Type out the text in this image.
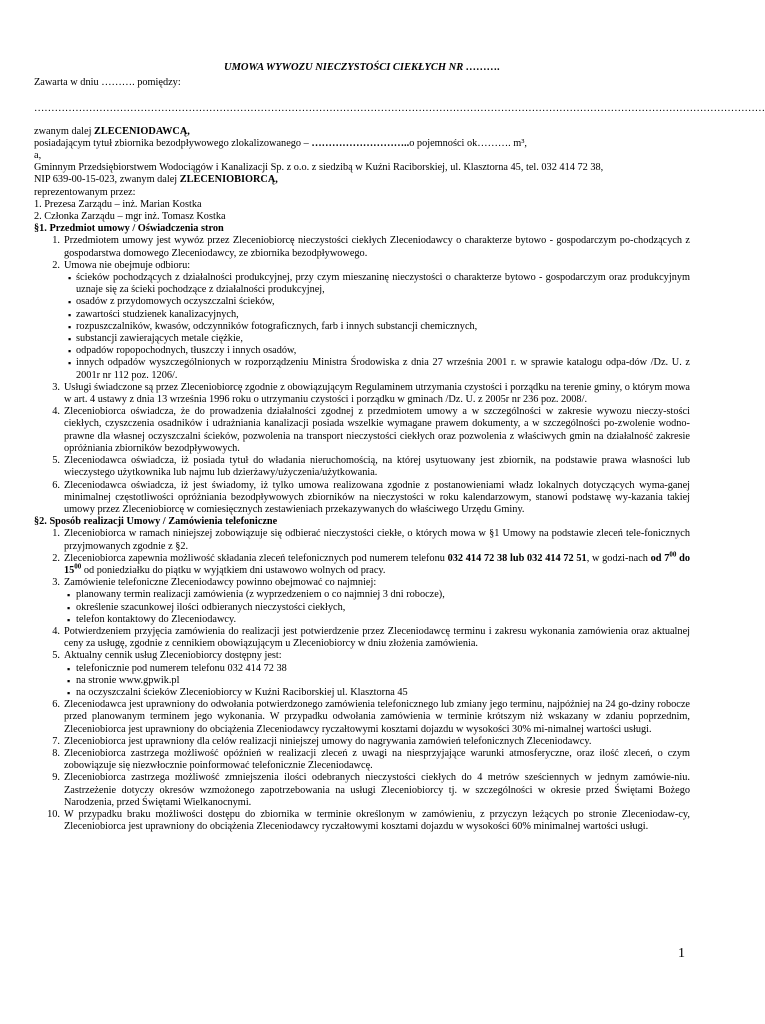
UMOWA WYWOZU NIECZYSTOŚCI CIEKŁYCH NR ……….

Zawarta w dniu ………. pomiędzy:

……………………………………………………………………………………………………………………………………………………………………………………………

zwanym dalej ZLECENIODAWCĄ,

posiadającym tytuł zbiornika bezodpływowego zlokalizowanego – ………………………..o pojemności ok………. m³,

a,

Gminnym Przedsiębiorstwem Wodociągów i Kanalizacji Sp. z o.o. z siedzibą w Kuźni Raciborskiej, ul. Klasztorna 45, tel. 032 414 72 38,

NIP 639-00-15-023, zwanym dalej ZLECENIOBIORCĄ,

reprezentowanym przez:

1. Prezesa Zarządu – inż. Marian Kostka

2. Członka Zarządu – mgr inż. Tomasz Kostka

§1. Przedmiot umowy / Oświadczenia stron

1. Przedmiotem umowy jest wywóz przez Zleceniobiorcę nieczystości ciekłych Zleceniodawcy o charakterze bytowo - gospodarczym po-chodzących z gospodarstwa domowego Zleceniodawcy, ze zbiornika bezodpływowego.
2. Umowa nie obejmuje odbioru:
▪ ścieków pochodzących z działalności produkcyjnej, przy czym mieszaninę nieczystości o charakterze bytowo - gospodarczym oraz produkcyjnym uznaje się za ścieki pochodzące z działalności produkcyjnej,
▪ osadów z przydomowych oczyszczalni ścieków,
▪ zawartości studzienek kanalizacyjnych,
▪ rozpuszczalników, kwasów, odczynników fotograficznych, farb i innych substancji chemicznych,
▪ substancji zawierających metale ciężkie,
▪ odpadów ropopochodnych, tłuszczy i innych osadów,
▪ innych odpadów wyszczególnionych w rozporządzeniu Ministra Środowiska z dnia 27 września 2001 r. w sprawie katalogu odpa-dów /Dz. U. z 2001r nr 112 poz. 1206/.
3. Usługi świadczone są przez Zleceniobiorcę zgodnie z obowiązującym Regulaminem utrzymania czystości i porządku na terenie gminy, o którym mowa w art. 4 ustawy z dnia 13 września 1996 roku o utrzymaniu czystości i porządku w gminach /Dz. U. z 2005r nr 236 poz. 2008/.
4. Zleceniobiorca oświadcza, że do prowadzenia działalności zgodnej z przedmiotem umowy a w szczególności w zakresie wywozu nieczy-stości ciekłych, czyszczenia osadników i udrażniania kanalizacji posiada wszelkie wymagane prawem dokumenty, a w szczególności po-zwolenie wodno-prawne dla własnej oczyszczalni ścieków, pozwolenia na transport nieczystości ciekłych oraz pozwolenia z właściwych gmin na działalność zakresie opróżniania zbiorników bezodpływowych.
5. Zleceniodawca oświadcza, iż posiada tytuł do władania nieruchomością, na której usytuowany jest zbiornik, na podstawie prawa własności lub wieczystego użytkownika lub najmu lub dzierżawy/użyczenia/użytkowania.
6. Zleceniodawca oświadcza, iż jest świadomy, iż tylko umowa realizowana zgodnie z postanowieniami władz lokalnych dotyczących wyma-ganej minimalnej częstotliwości opróżniania bezodpływowych zbiorników na nieczystości w roku kalendarzowym, stanowi podstawę wy-kazania takiej umowy przez Zleceniobiorcę w comiesięcznych zestawieniach przekazywanych do właściwego Urzędu Gminy.

§2. Sposób realizacji Umowy / Zamówienia telefoniczne

1. Zleceniobiorca w ramach niniejszej zobowiązuje się odbierać nieczystości ciekłe, o których mowa w §1 Umowy na podstawie zleceń tele-fonicznych przyjmowanych zgodnie z §2.
2. Zleceniobiorca zapewnia możliwość składania zleceń telefonicznych pod numerem telefonu 032 414 72 38 lub 032 414 72 51, w godzi-nach od $7^{00}$ do $15^{00}$ od poniedziałku do piątku w wyjątkiem dni ustawowo wolnych od pracy.
3. Zamówienie telefoniczne Zleceniodawcy powinno obejmować co najmniej:
▪ planowany termin realizacji zamówienia (z wyprzedzeniem o co najmniej 3 dni robocze),
▪ określenie szacunkowej ilości odbieranych nieczystości ciekłych,
▪ telefon kontaktowy do Zleceniodawcy.
4. Potwierdzeniem przyjęcia zamówienia do realizacji jest potwierdzenie przez Zleceniodawcę terminu i zakresu wykonania zamówienia oraz aktualnej ceny za usługę, zgodnie z cennikiem obowiązującym u Zleceniobiorcy w dniu złożenia zamówienia.
5. Aktualny cennik usług Zleceniobiorcy dostępny jest:
▪ telefonicznie pod numerem telefonu 032 414 72 38
▪ na stronie www.gpwik.pl
▪ na oczyszczalni ścieków Zleceniobiorcy w Kuźni Raciborskiej ul. Klasztorna 45
6. Zleceniodawca jest uprawniony do odwołania potwierdzonego zamówienia telefonicznego lub zmiany jego terminu, najpóźniej na 24 go-dziny robocze przed planowanym terminem jego wykonania. W przypadku odwołania zamówienia w terminie krótszym niż wskazany w zdaniu poprzednim, Zleceniobiorca jest uprawniony do obciążenia Zleceniodawcy ryczałtowymi kosztami dojazdu w wysokości 30% mi-nimalnej wartości usługi.
7. Zleceniobiorca jest uprawniony dla celów realizacji niniejszej umowy do nagrywania zamówień telefonicznych Zleceniodawcy.
8. Zleceniobiorca zastrzega możliwość opóźnień w realizacji zleceń z uwagi na niesprzyjające warunki atmosferyczne, oraz ilość zleceń, o czym zobowiązuje się niezwłocznie poinformować telefonicznie Zleceniodawcę.
9. Zleceniobiorca zastrzega możliwość zmniejszenia ilości odebranych nieczystości ciekłych do 4 metrów sześciennych w jednym zamówie-niu. Zastrzeżenie dotyczy okresów wzmożonego zapotrzebowania na usługi Zleceniobiorcy tj. w szczególności w okresie przed Świętami Bożego Narodzenia, przed Świętami Wielkanocnymi.
10. W przypadku braku możliwości dostępu do zbiornika w terminie określonym w zamówieniu, z przyczyn leżących po stronie Zleceniodaw-cy, Zleceniobiorca jest uprawniony do obciążenia Zleceniodawcy ryczałtowymi kosztami dojazdu w wysokości 60% minimalnej wartości usługi.
1
